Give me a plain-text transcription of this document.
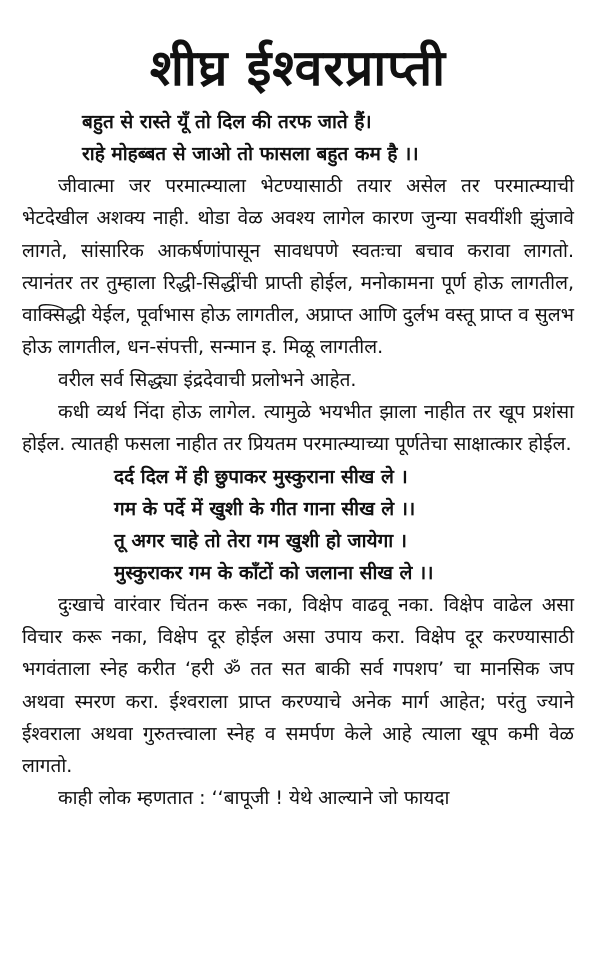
शीघ्र ईश्वरप्राप्ती
बहुत से रास्ते यूँ तो दिल की तरफ जाते हैं।
राहे मोहब्बत से जाओ तो फासला बहुत कम है ।।

जीवात्मा जर परमात्म्याला भेटण्यासाठी तयार असेल तर परमात्म्याची भेटदेखील अशक्य नाही. थोडा वेळ अवश्य लागेल कारण जुन्या सवयींशी झुंजावे लागते, सांसारिक आकर्षणांपासून सावधपणे स्वतःचा बचाव करावा लागतो. त्यानंतर तर तुम्हाला रिद्धी-सिद्धींची प्राप्ती होईल, मनोकामना पूर्ण होऊ लागतील, वाक्सिद्धी येईल, पूर्वाभास होऊ लागतील, अप्राप्त आणि दुर्लभ वस्तू प्राप्त व सुलभ होऊ लागतील, धन-संपत्ती, सन्मान इ. मिळू लागतील.

वरील सर्व सिद्ध्या इंद्रदेवाची प्रलोभने आहेत.

कधी व्यर्थ निंदा होऊ लागेल. त्यामुळे भयभीत झाला नाहीत तर खूप प्रशंसा होईल. त्यातही फसला नाहीत तर प्रियतम परमात्म्याच्या पूर्णतेचा साक्षात्कार होईल.

दर्द दिल में ही छुपाकर मुस्कुराना सीख ले ।
गम के पर्दे में खुशी के गीत गाना सीख ले ।।
तू अगर चाहे तो तेरा गम खुशी हो जायेगा ।
मुस्कुराकर गम के काँटों को जलाना सीख ले ।।

दुःखाचे वारंवार चिंतन करू नका, विक्षेप वाढवू नका. विक्षेप वाढेल असा विचार करू नका, विक्षेप दूर होईल असा उपाय करा. विक्षेप दूर करण्यासाठी भगवंताला स्नेह करीत ‘हरी ॐ तत सत बाकी सर्व गपशप’ चा मानसिक जप अथवा स्मरण करा. ईश्वराला प्राप्त करण्याचे अनेक मार्ग आहेत; परंतु ज्याने ईश्वराला अथवा गुरुतत्त्वाला स्नेह व समर्पण केले आहे त्याला खूप कमी वेळ लागतो.

काही लोक म्हणतात : ‘‘बापूजी ! येथे आल्याने जो फायदा
